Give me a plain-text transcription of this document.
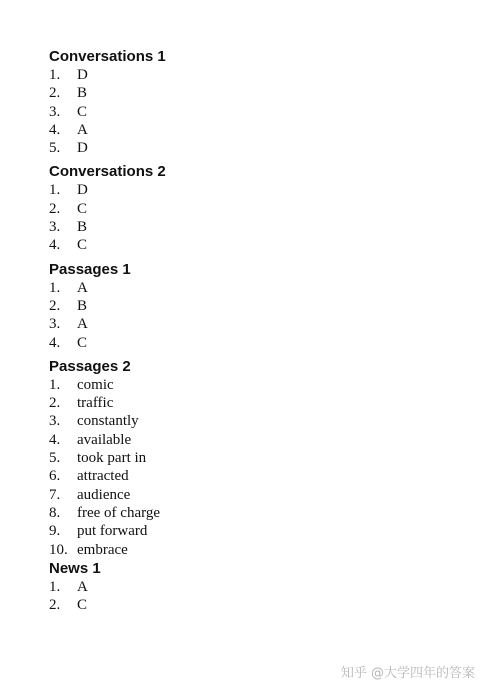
Conversations 1
1.	D
2.	B
3.	C
4.	A
5.	D
Conversations 2
1.	D
2.	C
3.	B
4.	C
Passages 1
1.	A
2.	B
3.	A
4.	C
Passages 2
1.	comic
2.	traffic
3.	constantly
4.	available
5.	took part in
6.	attracted
7.	audience
8.	free of charge
9.	put forward
10. embrace
News 1
1.	A
2.	C
知乎 @大学四年的答案
